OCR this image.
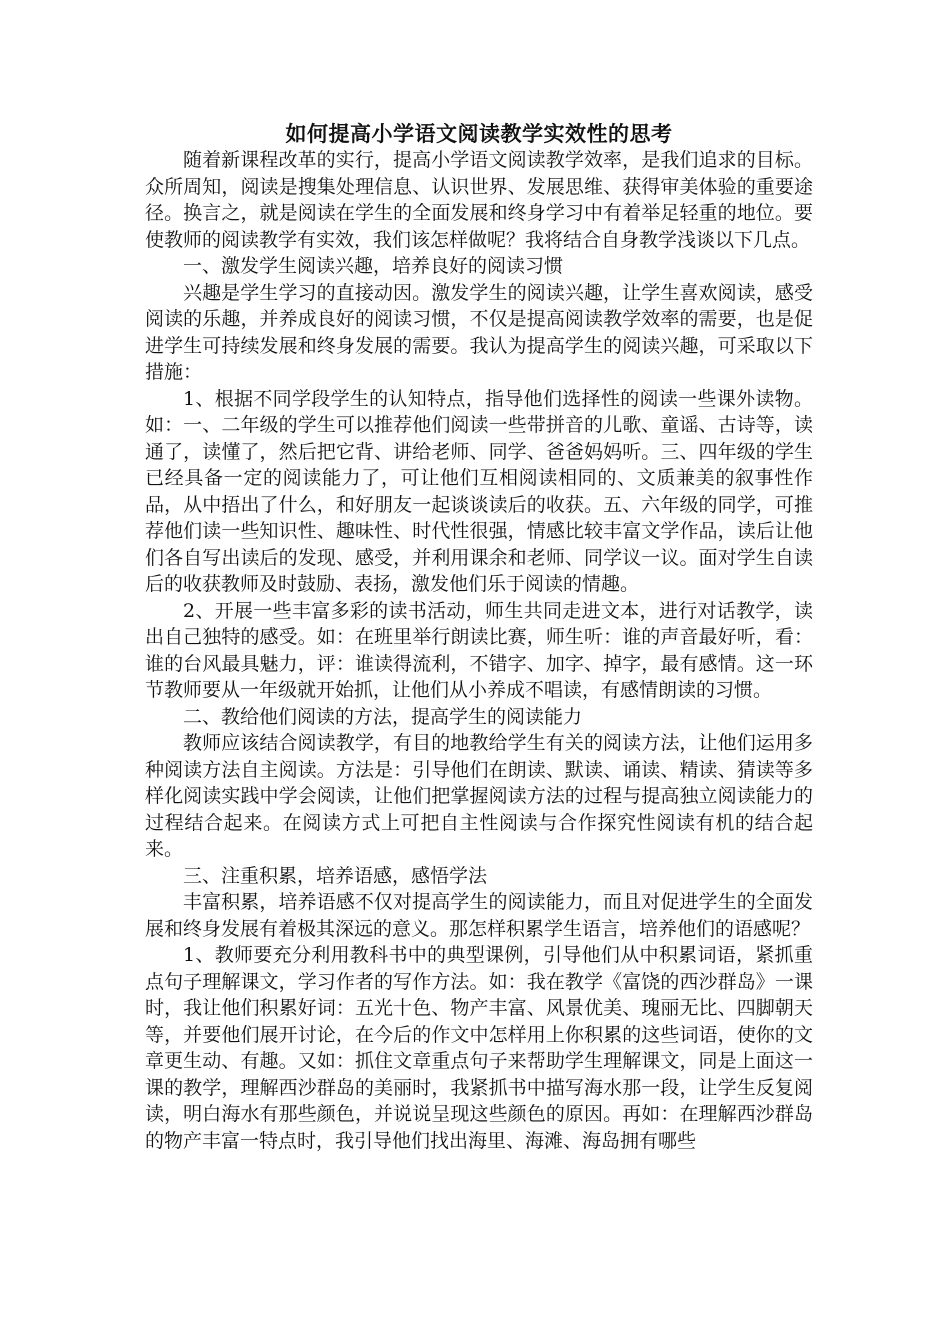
如何提高小学语文阅读教学实效性的思考

随着新课程改革的实行，提高小学语文阅读教学效率，是我们追求的目标。众所周知，阅读是搜集处理信息、认识世界、发展思维、获得审美体验的重要途径。换言之，就是阅读在学生的全面发展和终身学习中有着举足轻重的地位。要使教师的阅读教学有实效，我们该怎样做呢？我将结合自身教学浅谈以下几点。

一、激发学生阅读兴趣，培养良好的阅读习惯

兴趣是学生学习的直接动因。激发学生的阅读兴趣，让学生喜欢阅读，感受阅读的乐趣，并养成良好的阅读习惯，不仅是提高阅读教学效率的需要，也是促进学生可持续发展和终身发展的需要。我认为提高学生的阅读兴趣，可采取以下措施：

1、根据不同学段学生的认知特点，指导他们选择性的阅读一些课外读物。如：一、二年级的学生可以推荐他们阅读一些带拼音的儿歌、童谣、古诗等，读通了，读懂了，然后把它背、讲给老师、同学、爸爸妈妈听。三、四年级的学生已经具备一定的阅读能力了，可让他们互相阅读相同的、文质兼美的叙事性作品，从中捂出了什么，和好朋友一起谈谈读后的收获。五、六年级的同学，可推荐他们读一些知识性、趣味性、时代性很强，情感比较丰富文学作品，读后让他们各自写出读后的发现、感受，并利用课余和老师、同学议一议。面对学生自读后的收获教师及时鼓励、表扬，激发他们乐于阅读的情趣。

2、开展一些丰富多彩的读书活动，师生共同走进文本，进行对话教学，读出自己独特的感受。如：在班里举行朗读比赛，师生听：谁的声音最好听，看：谁的台风最具魅力，评：谁读得流利，不错字、加字、掉字，最有感情。这一环节教师要从一年级就开始抓，让他们从小养成不唱读，有感情朗读的习惯。

二、教给他们阅读的方法，提高学生的阅读能力

教师应该结合阅读教学，有目的地教给学生有关的阅读方法，让他们运用多种阅读方法自主阅读。方法是：引导他们在朗读、默读、诵读、精读、猜读等多样化阅读实践中学会阅读，让他们把掌握阅读方法的过程与提高独立阅读能力的过程结合起来。在阅读方式上可把自主性阅读与合作探究性阅读有机的结合起来。

三、注重积累，培养语感，感悟学法

丰富积累，培养语感不仅对提高学生的阅读能力，而且对促进学生的全面发展和终身发展有着极其深远的意义。那怎样积累学生语言，培养他们的语感呢？

1、教师要充分利用教科书中的典型课例，引导他们从中积累词语，紧抓重点句子理解课文，学习作者的写作方法。如：我在教学《富饶的西沙群岛》一课时，我让他们积累好词：五光十色、物产丰富、风景优美、瑰丽无比、四脚朝天等，并要他们展开讨论，在今后的作文中怎样用上你积累的这些词语，使你的文章更生动、有趣。又如：抓住文章重点句子来帮助学生理解课文，同是上面这一课的教学，理解西沙群岛的美丽时，我紧抓书中描写海水那一段，让学生反复阅读，明白海水有那些颜色，并说说呈现这些颜色的原因。再如：在理解西沙群岛的物产丰富一特点时，我引导他们找出海里、海滩、海岛拥有哪些
